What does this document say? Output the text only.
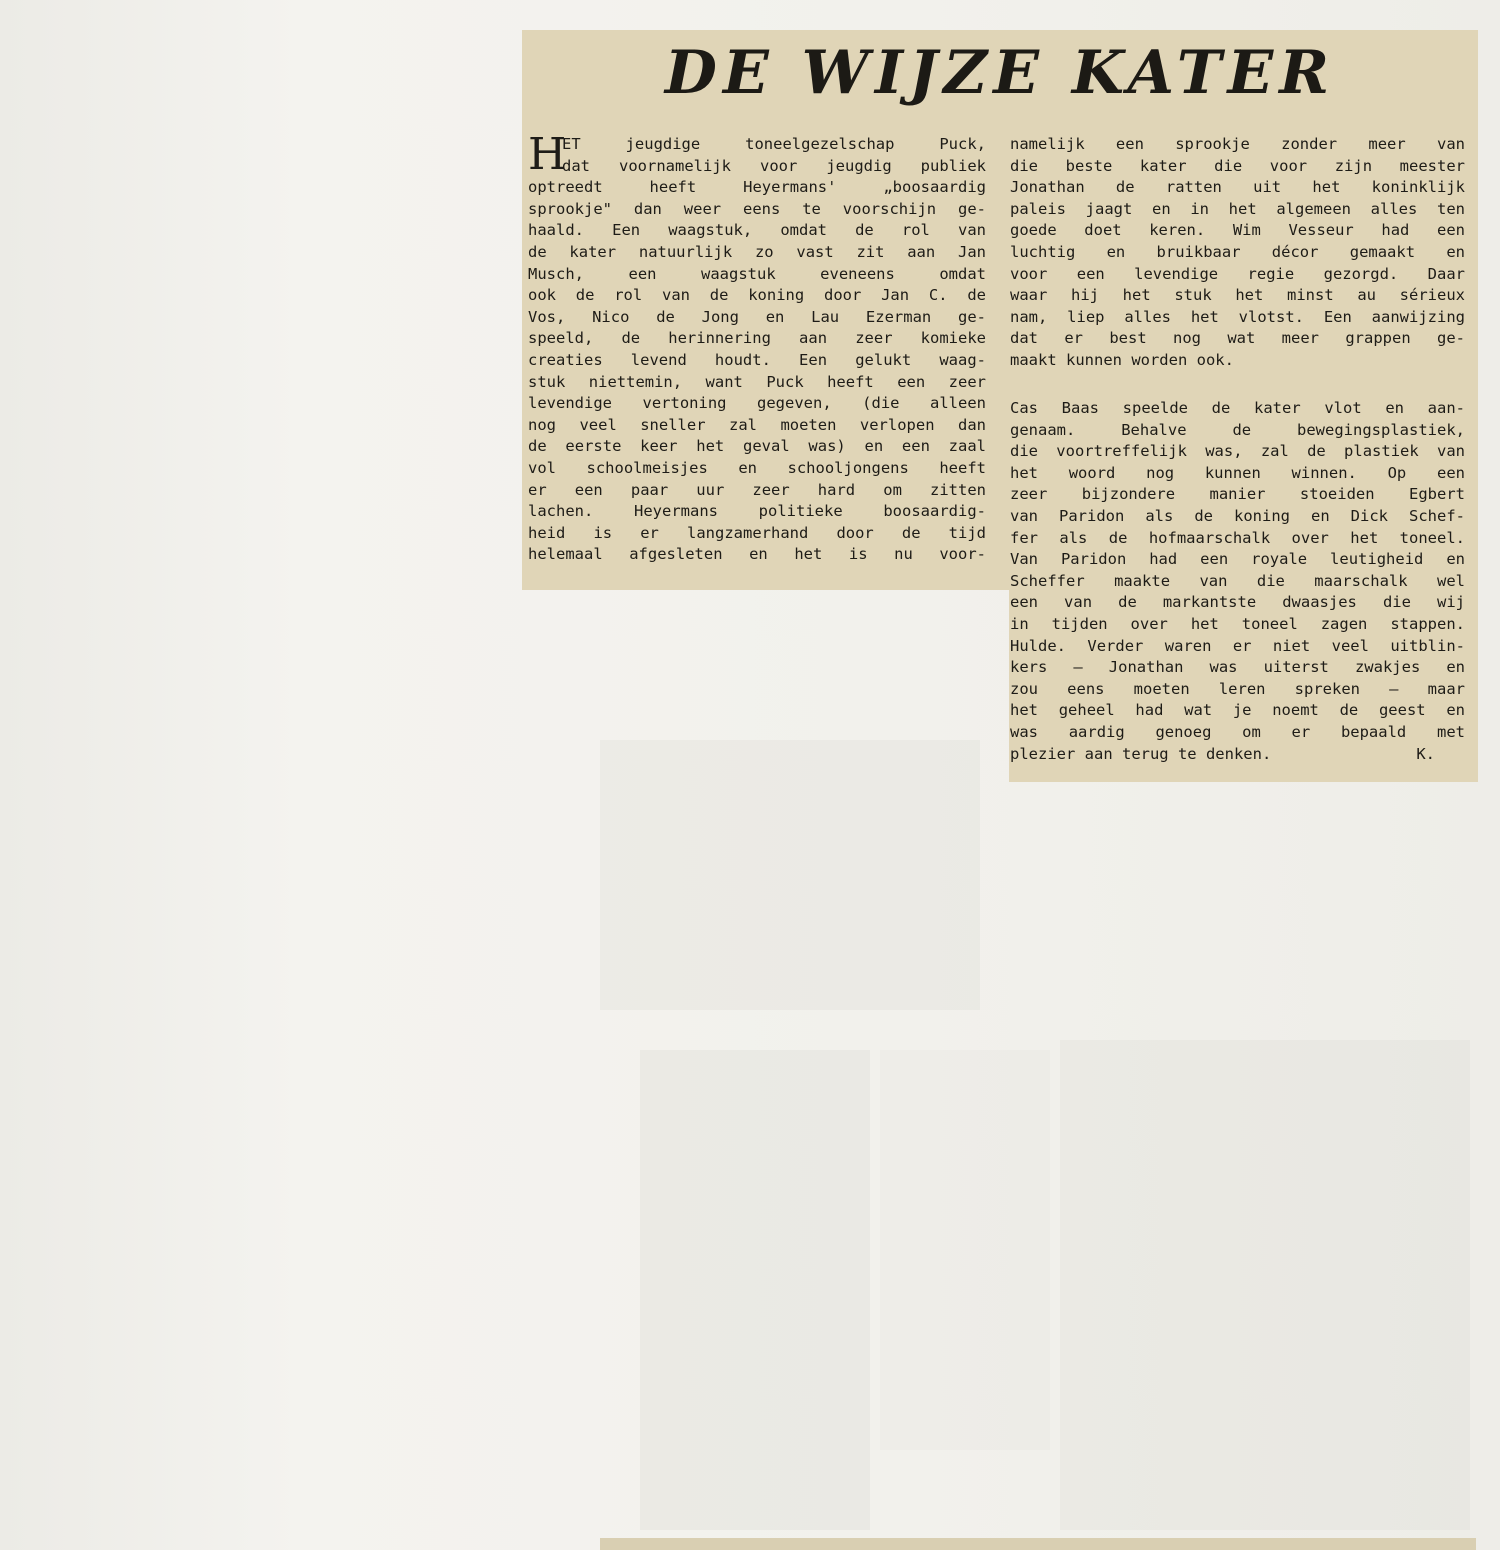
DE WIJZE KATER
H
ET jeugdige toneelgezelschap Puck,
dat voornamelijk voor jeugdig publiek
optreedt heeft Heyermans' „boosaardig
sprookje" dan weer eens te voorschijn ge-
haald. Een waagstuk, omdat de rol van
de kater natuurlijk zo vast zit aan Jan
Musch, een waagstuk eveneens omdat
ook de rol van de koning door Jan C. de
Vos, Nico de Jong en Lau Ezerman ge-
speeld, de herinnering aan zeer komieke
creaties levend houdt. Een gelukt waag-
stuk niettemin, want Puck heeft een zeer
levendige vertoning gegeven, (die alleen
nog veel sneller zal moeten verlopen dan
de eerste keer het geval was) en een zaal
vol schoolmeisjes en schooljongens heeft
er een paar uur zeer hard om zitten
lachen. Heyermans politieke boosaardig-
heid is er langzamerhand door de tijd
helemaal afgesleten en het is nu voor-
namelijk een sprookje zonder meer van
die beste kater die voor zijn meester
Jonathan de ratten uit het koninklijk
paleis jaagt en in het algemeen alles ten
goede doet keren. Wim Vesseur had een
luchtig en bruikbaar décor gemaakt en
voor een levendige regie gezorgd. Daar
waar hij het stuk het minst au sérieux
nam, liep alles het vlotst. Een aanwijzing
dat er best nog wat meer grappen ge-
maakt kunnen worden ook.
Cas Baas speelde de kater vlot en aan-
genaam. Behalve de bewegingsplastiek,
die voortreffelijk was, zal de plastiek van
het woord nog kunnen winnen. Op een
zeer bijzondere manier stoeiden Egbert
van Paridon als de koning en Dick Schef-
fer als de hofmaarschalk over het toneel.
Van Paridon had een royale leutigheid en
Scheffer maakte van die maarschalk wel
een van de markantste dwaasjes die wij
in tijden over het toneel zagen stappen.
Hulde. Verder waren er niet veel uitblin-
kers — Jonathan was uiterst zwakjes en
zou eens moeten leren spreken — maar
het geheel had wat je noemt de geest en
was aardig genoeg om er bepaald met
plezier aan terug te denken.	K.
